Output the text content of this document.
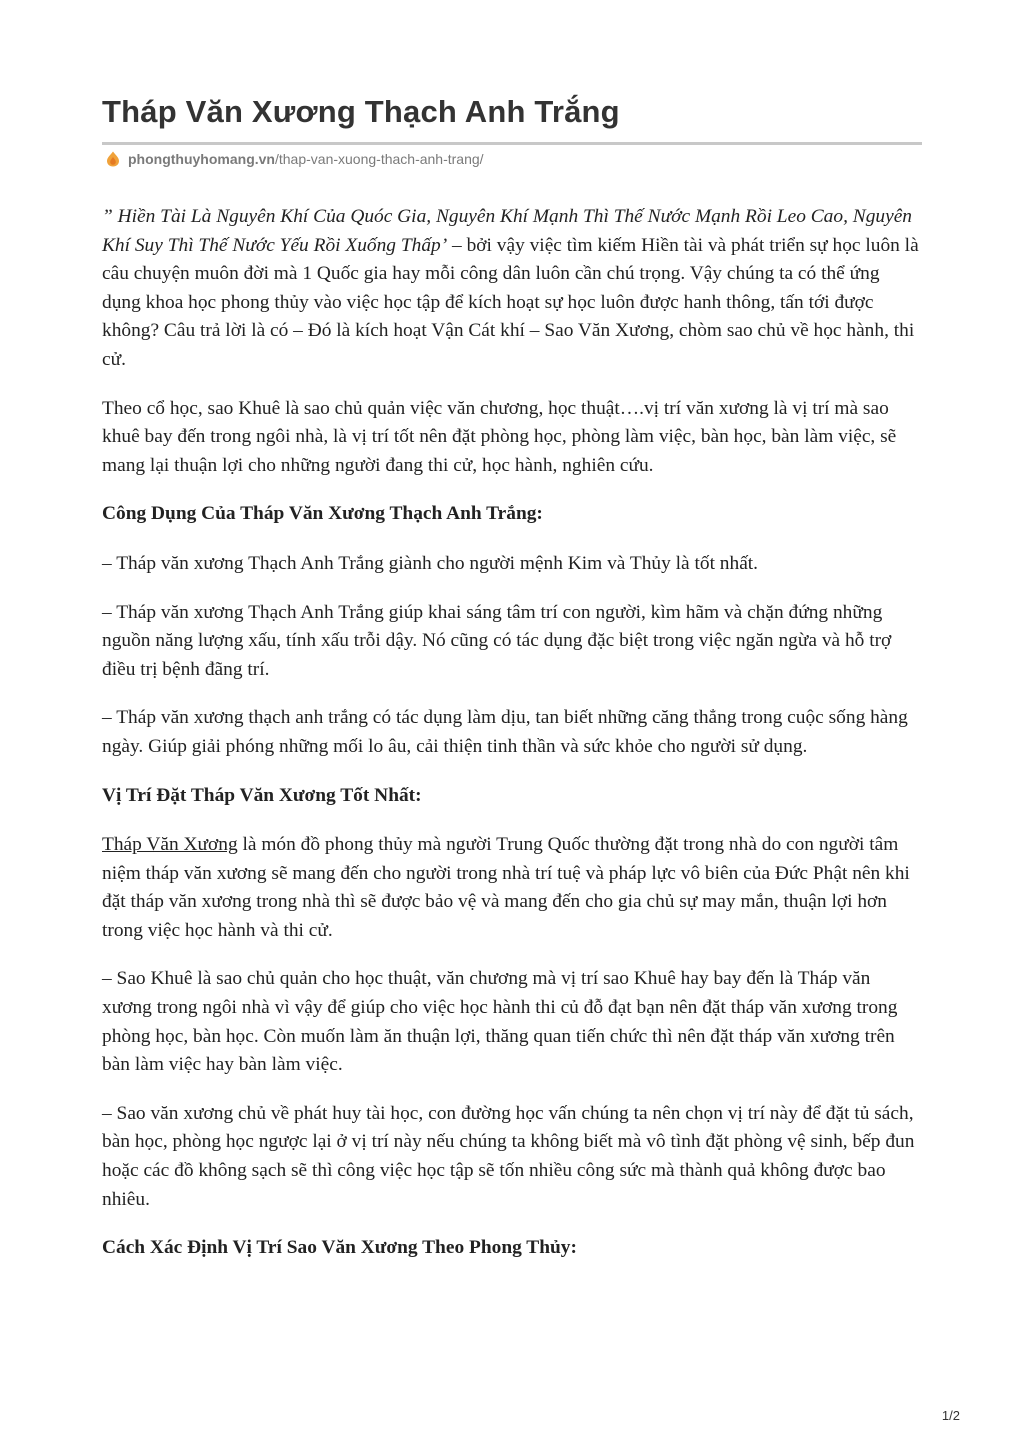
Tháp Văn Xương Thạch Anh Trắng
phongthuyhomang.vn /thap-van-xuong-thach-anh-trang/

” Hiền Tài Là Nguyên Khí Của Quóc Gia, Nguyên Khí Mạnh Thì Thế Nước Mạnh Rồi Leo Cao, Nguyên Khí Suy Thì Thế Nước Yếu Rồi Xuống Thấp’ – bởi vậy việc tìm kiếm Hiền tài và phát triển sự học luôn là câu chuyện muôn đời mà 1 Quốc gia hay mỗi công dân luôn cần chú trọng. Vậy chúng ta có thể ứng dụng khoa học phong thủy vào việc học tập để kích hoạt sự học luôn được hanh thông, tấn tới được không? Câu trả lời là có – Đó là kích hoạt Vận Cát khí – Sao Văn Xương, chòm sao chủ về học hành, thi cử.

Theo cổ học, sao Khuê là sao chủ quản việc văn chương, học thuật….vị trí văn xương là vị trí mà sao khuê bay đến trong ngôi nhà, là vị trí tốt nên đặt phòng học, phòng làm việc, bàn học, bàn làm việc, sẽ mang lại thuận lợi cho những người đang thi cử, học hành, nghiên cứu.

Công Dụng Của Tháp Văn Xương Thạch Anh Trắng:

– Tháp văn xương Thạch Anh Trắng giành cho người mệnh Kim và Thủy là tốt nhất.

– Tháp văn xương Thạch Anh Trắng giúp khai sáng tâm trí con người, kìm hãm và chặn đứng những nguồn năng lượng xấu, tính xấu trỗi dậy. Nó cũng có tác dụng đặc biệt trong việc ngăn ngừa và hỗ trợ điều trị bệnh đãng trí.

– Tháp văn xương thạch anh trắng có tác dụng làm dịu, tan biết những căng thẳng trong cuộc sống hàng ngày. Giúp giải phóng những mối lo âu, cải thiện tinh thần và sức khỏe cho người sử dụng.

Vị Trí Đặt Tháp Văn Xương Tốt Nhất:

Tháp Văn Xương là món đồ phong thủy mà người Trung Quốc thường đặt trong nhà do con người tâm niệm tháp văn xương sẽ mang đến cho người trong nhà trí tuệ và pháp lực vô biên của Đức Phật nên khi đặt tháp văn xương trong nhà thì sẽ được bảo vệ và mang đến cho gia chủ sự may mắn, thuận lợi hơn trong việc học hành và thi cử.

– Sao Khuê là sao chủ quản cho học thuật, văn chương mà vị trí sao Khuê hay bay đến là Tháp văn xương trong ngôi nhà vì vậy để giúp cho việc học hành thi củ đỗ đạt bạn nên đặt tháp văn xương trong phòng học, bàn học. Còn muốn làm ăn thuận lợi, thăng quan tiến chức thì nên đặt tháp văn xương trên bàn làm việc hay bàn làm việc.

– Sao văn xương chủ về phát huy tài học, con đường học vấn chúng ta nên chọn vị trí này để đặt tủ sách, bàn học, phòng học ngược lại ở vị trí này nếu chúng ta không biết mà vô tình đặt phòng vệ sinh, bếp đun hoặc các đồ không sạch sẽ thì công việc học tập sẽ tốn nhiều công sức mà thành quả không được bao nhiêu.

Cách Xác Định Vị Trí Sao Văn Xương Theo Phong Thủy:

1/2
